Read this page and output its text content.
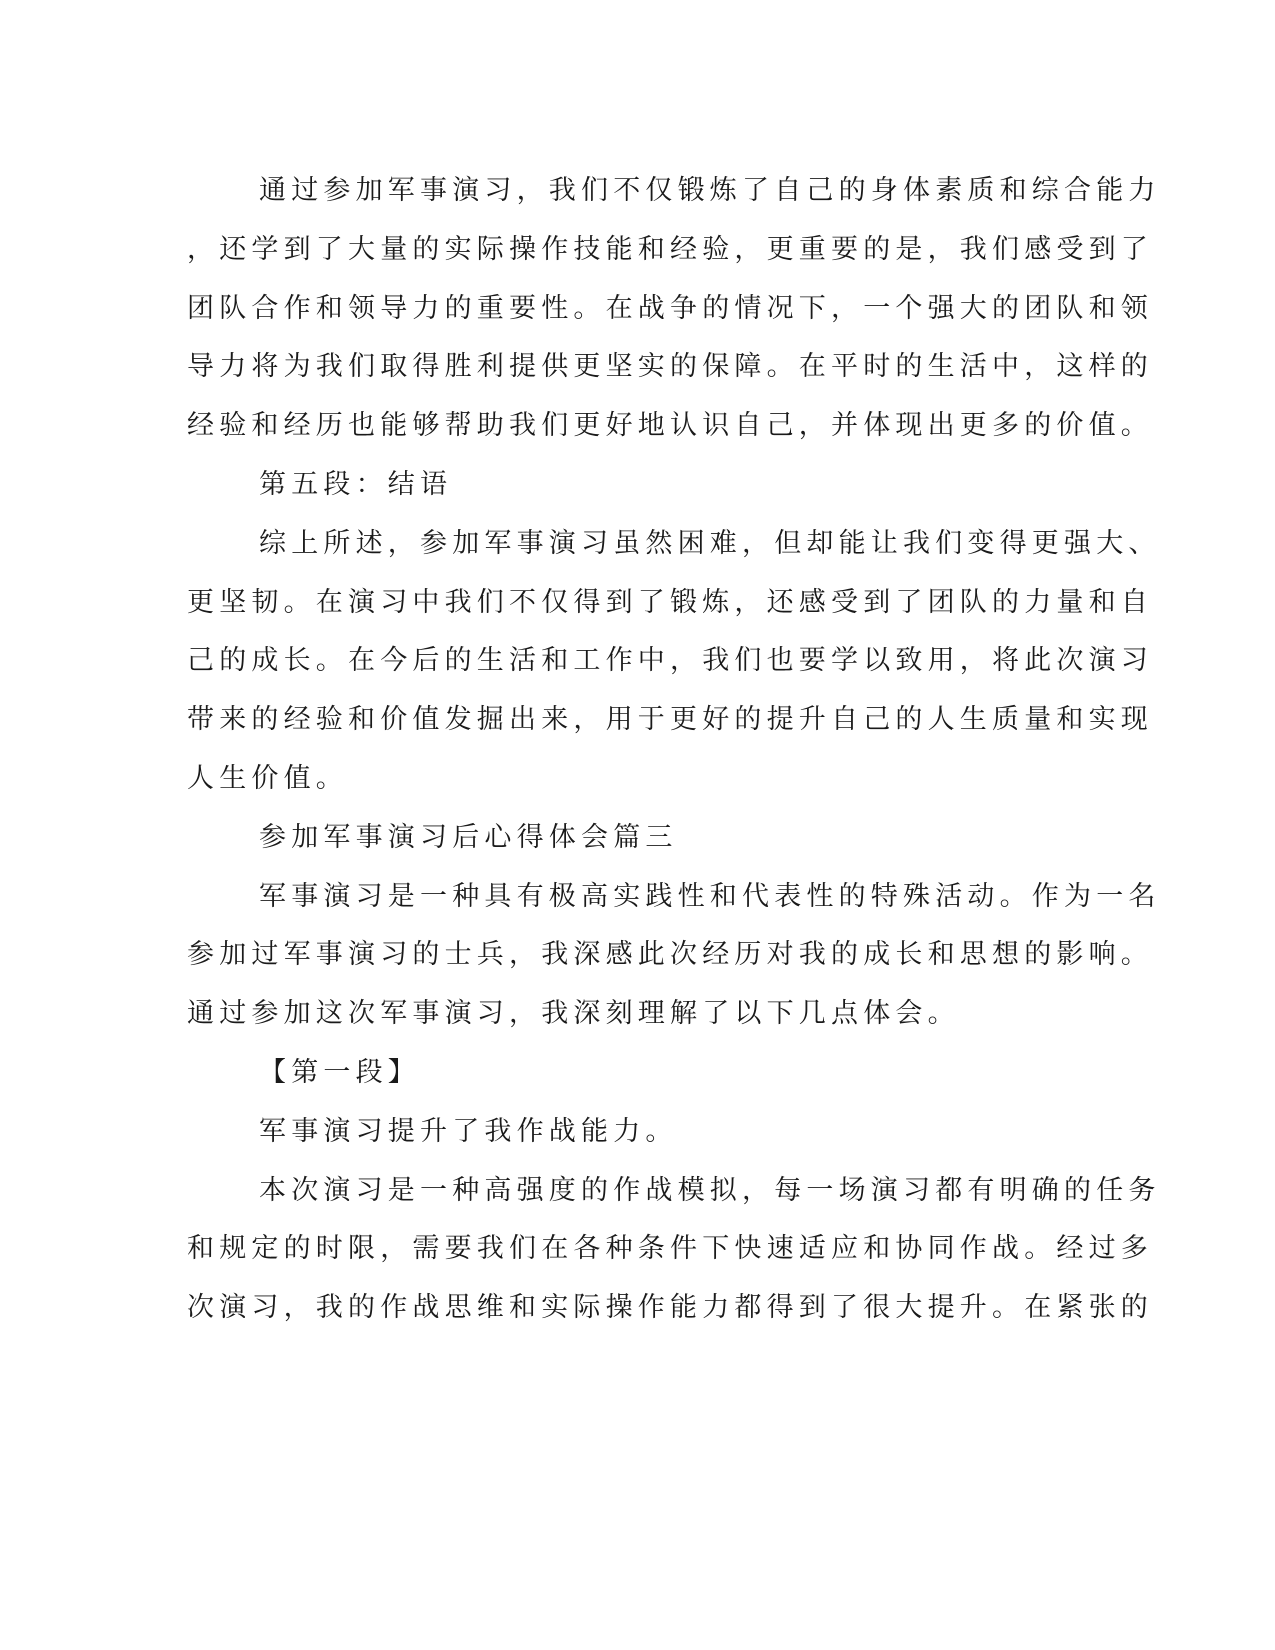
通过参加军事演习，我们不仅锻炼了自己的身体素质和综合能力
，还学到了大量的实际操作技能和经验，更重要的是，我们感受到了
团队合作和领导力的重要性。在战争的情况下，一个强大的团队和领
导力将为我们取得胜利提供更坚实的保障。在平时的生活中，这样的
经验和经历也能够帮助我们更好地认识自己，并体现出更多的价值。
第五段：结语
综上所述，参加军事演习虽然困难，但却能让我们变得更强大、
更坚韧。在演习中我们不仅得到了锻炼，还感受到了团队的力量和自
己的成长。在今后的生活和工作中，我们也要学以致用，将此次演习
带来的经验和价值发掘出来，用于更好的提升自己的人生质量和实现
人生价值。
参加军事演习后心得体会篇三
军事演习是一种具有极高实践性和代表性的特殊活动。作为一名
参加过军事演习的士兵，我深感此次经历对我的成长和思想的影响。
通过参加这次军事演习，我深刻理解了以下几点体会。
【第一段】
军事演习提升了我作战能力。
本次演习是一种高强度的作战模拟，每一场演习都有明确的任务
和规定的时限，需要我们在各种条件下快速适应和协同作战。经过多
次演习，我的作战思维和实际操作能力都得到了很大提升。在紧张的
